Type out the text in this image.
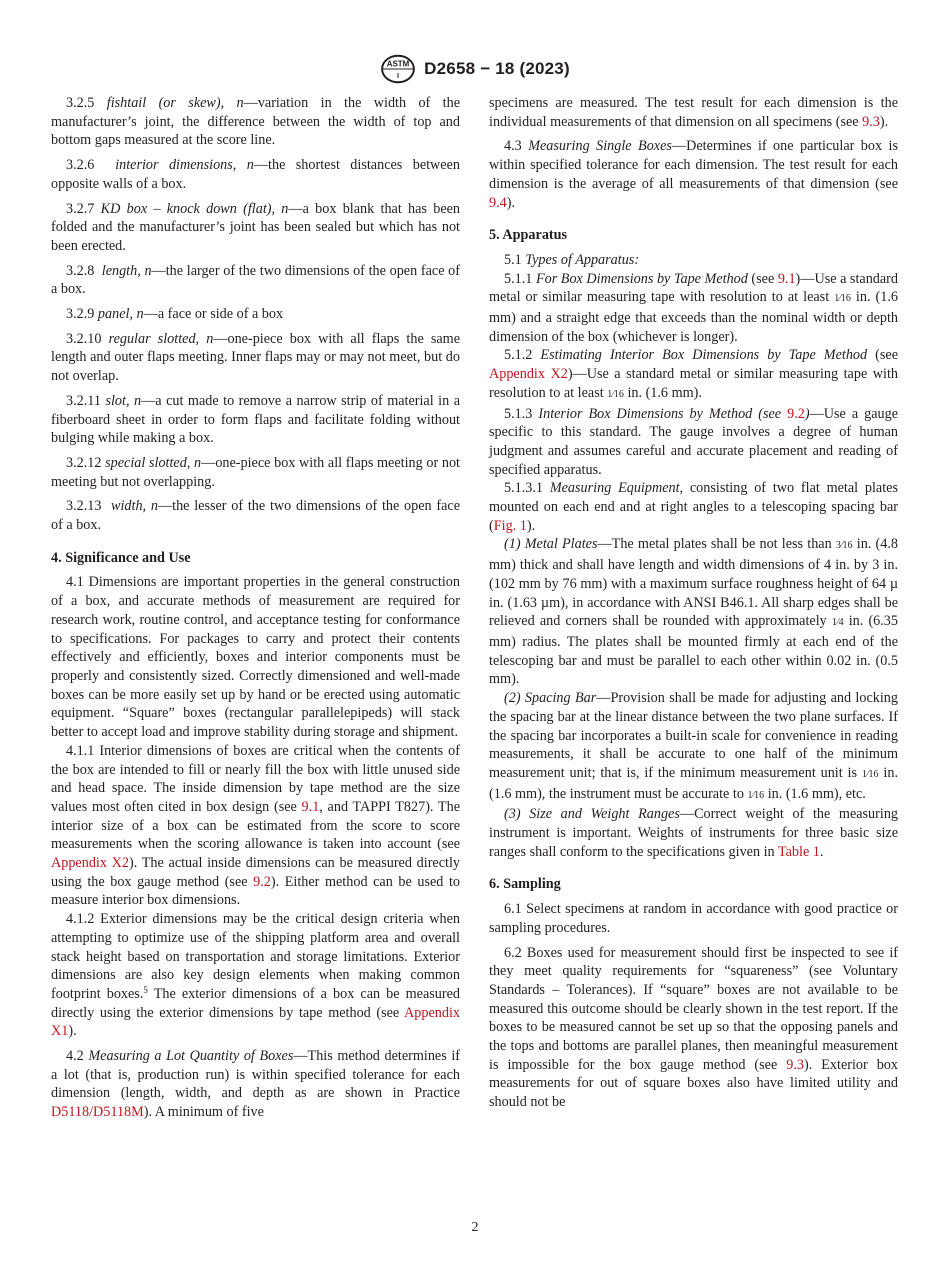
ASTM
I D2658 − 18 (2023)

3.2.5 fishtail (or skew), n—variation in the width of the manufacturer’s joint, the difference between the width of top and bottom gaps measured at the score line.

3.2.6 interior dimensions, n—the shortest distances between opposite walls of a box.

3.2.7 KD box – knock down (flat), n—a box blank that has been folded and the manufacturer’s joint has been sealed but which has not been erected.

3.2.8 length, n—the larger of the two dimensions of the open face of a box.

3.2.9 panel, n—a face or side of a box

3.2.10 regular slotted, n—one-piece box with all flaps the same length and outer flaps meeting. Inner flaps may or may not meet, but do not overlap.

3.2.11 slot, n—a cut made to remove a narrow strip of material in a fiberboard sheet in order to form flaps and facilitate folding without bulging while making a box.

3.2.12 special slotted, n—one-piece box with all flaps meeting or not meeting but not overlapping.

3.2.13 width, n—the lesser of the two dimensions of the open face of a box.

4. Significance and Use

4.1 Dimensions are important properties in the general construction of a box, and accurate methods of measurement are required for research work, routine control, and acceptance testing for conformance to specifications. For packages to carry and protect their contents effectively and efficiently, boxes and interior components must be properly and consistently sized. Correctly dimensioned and well-made boxes can be more easily set up by hand or be erected using automatic equipment. “Square” boxes (rectangular parallelepipeds) will stack better to accept load and improve stability during storage and shipment.

4.1.1 Interior dimensions of boxes are critical when the contents of the box are intended to fill or nearly fill the box with little unused side and head space. The inside dimension by tape method are the size values most often cited in box design (see 9.1, and TAPPI T827). The interior size of a box can be estimated from the score to score measurements when the scoring allowance is taken into account (see Appendix X2). The actual inside dimensions can be measured directly using the box gauge method (see 9.2). Either method can be used to measure interior box dimensions.

4.1.2 Exterior dimensions may be the critical design criteria when attempting to optimize use of the shipping platform area and overall stack height based on transportation and storage limitations. Exterior dimensions are also key design elements when making common footprint boxes.$^5$ The exterior dimensions of a box can be measured directly using the exterior dimensions by tape method (see Appendix X1).

4.2 Measuring a Lot Quantity of Boxes—This method determines if a lot (that is, production run) is within specified tolerance for each dimension (length, width, and depth as are shown in Practice D5118/D5118M). A minimum of five

specimens are measured. The test result for each dimension is the individual measurements of that dimension on all specimens (see 9.3).

4.3 Measuring Single Boxes—Determines if one particular box is within specified tolerance for each dimension. The test result for each dimension is the average of all measurements of that dimension (see 9.4).

5. Apparatus

5.1 Types of Apparatus:

5.1.1 For Box Dimensions by Tape Method (see 9.1)—Use a standard metal or similar measuring tape with resolution to at least 1⁄16 in. (1.6 mm) and a straight edge that exceeds than the nominal width or depth dimension of the box (whichever is longer).

5.1.2 Estimating Interior Box Dimensions by Tape Method (see Appendix X2)—Use a standard metal or similar measuring tape with resolution to at least 1⁄16 in. (1.6 mm).

5.1.3 Interior Box Dimensions by Method (see 9.2)—Use a gauge specific to this standard. The gauge involves a degree of human judgment and assumes careful and accurate placement and reading of specified apparatus.

5.1.3.1 Measuring Equipment, consisting of two flat metal plates mounted on each end and at right angles to a telescoping spacing bar (Fig. 1).

(1) Metal Plates—The metal plates shall be not less than 3⁄16 in. (4.8 mm) thick and shall have length and width dimensions of 4 in. by 3 in. (102 mm by 76 mm) with a maximum surface roughness height of 64 µ in. (1.63 µm), in accordance with ANSI B46.1. All sharp edges shall be relieved and corners shall be rounded with approximately 1⁄4 in. (6.35 mm) radius. The plates shall be mounted firmly at each end of the telescoping bar and must be parallel to each other within 0.02 in. (0.5 mm).

(2) Spacing Bar—Provision shall be made for adjusting and locking the spacing bar at the linear distance between the two plane surfaces. If the spacing bar incorporates a built-in scale for convenience in reading measurements, it shall be accurate to one half of the minimum measurement unit; that is, if the minimum measurement unit is 1⁄16 in. (1.6 mm), the instrument must be accurate to 1⁄16 in. (1.6 mm), etc.

(3) Size and Weight Ranges—Correct weight of the measuring instrument is important. Weights of instruments for three basic size ranges shall conform to the specifications given in Table 1.

6. Sampling

6.1 Select specimens at random in accordance with good practice or sampling procedures.

6.2 Boxes used for measurement should first be inspected to see if they meet quality requirements for “squareness” (see Voluntary Standards – Tolerances). If “square” boxes are not available to be measured this outcome should be clearly shown in the test report. If the boxes to be measured cannot be set up so that the opposing panels and the tops and bottoms are parallel planes, then meaningful measurement is impossible for the box gauge method (see 9.3). Exterior box measurements for out of square boxes also have limited utility and should not be

2
